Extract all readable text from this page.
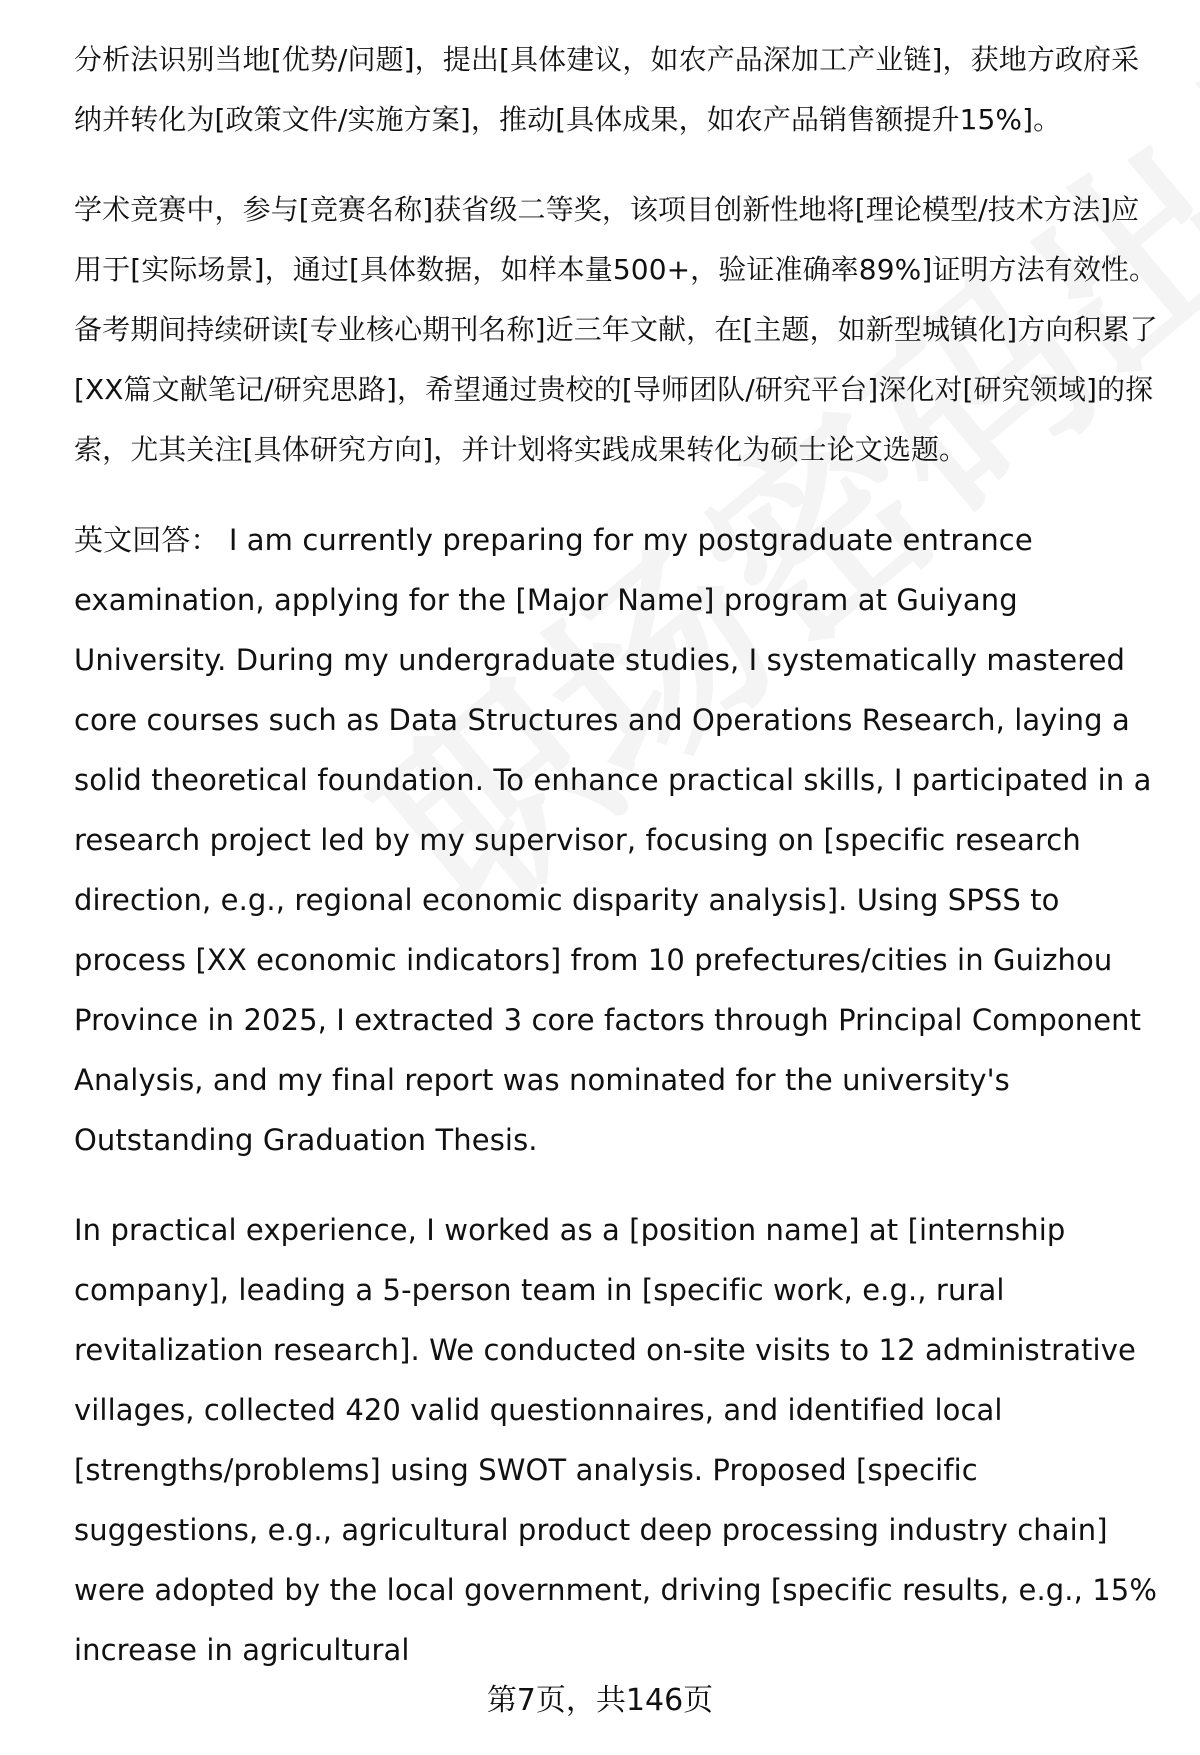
分析法识别当地[优势/问题]，提出[具体建议，如农产品深加工产业链]，获地方政府采纳并转化为[政策文件/实施方案]，推动[具体成果，如农产品销售额提升15%]。

学术竞赛中，参与[竞赛名称]获省级二等奖，该项目创新性地将[理论模型/技术方法]应用于[实际场景]，通过[具体数据，如样本量500+，验证准确率89%]证明方法有效性。备考期间持续研读[专业核心期刊名称]近三年文献，在[主题，如新型城镇化]方向积累了[XX篇文献笔记/研究思路]，希望通过贵校的[导师团队/研究平台]深化对[研究领域]的探索，尤其关注[具体研究方向]，并计划将实践成果转化为硕士论文选题。

英文回答： I am currently preparing for my postgraduate entrance examination, applying for the [Major Name] program at Guiyang University. During my undergraduate studies, I systematically mastered core courses such as Data Structures and Operations Research, laying a solid theoretical foundation. To enhance practical skills, I participated in a research project led by my supervisor, focusing on [specific research direction, e.g., regional economic disparity analysis]. Using SPSS to process [XX economic indicators] from 10 prefectures/cities in Guizhou Province in 2025, I extracted 3 core factors through Principal Component Analysis, and my final report was nominated for the university's Outstanding Graduation Thesis.

In practical experience, I worked as a [position name] at [internship company], leading a 5-person team in [specific work, e.g., rural revitalization research]. We conducted on-site visits to 12 administrative villages, collected 420 valid questionnaires, and identified local [strengths/problems] using SWOT analysis. Proposed [specific suggestions, e.g., agricultural product deep processing industry chain] were adopted by the local government, driving [specific results, e.g., 15% increase in agricultural

第7页，共146页
